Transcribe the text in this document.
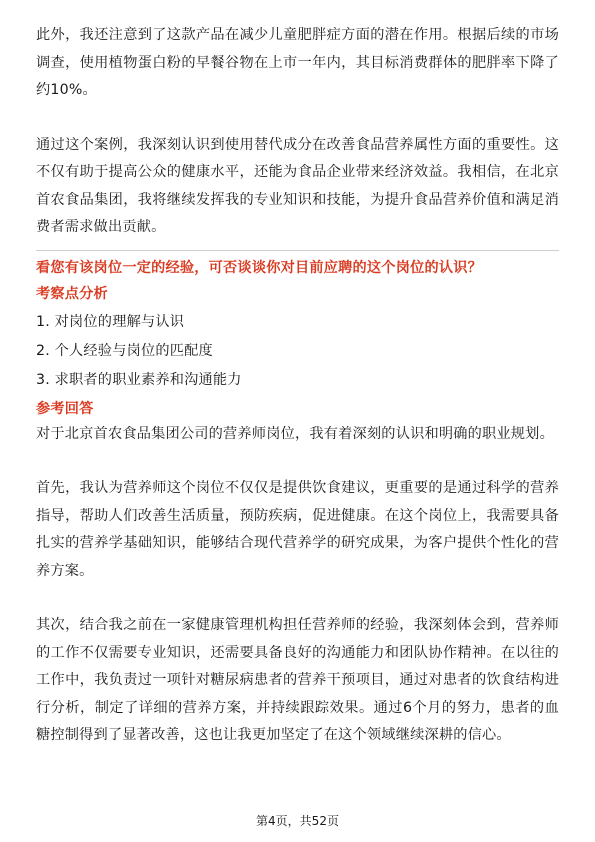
此外，我还注意到了这款产品在减少儿童肥胖症方面的潜在作用。根据后续的市场调查，使用植物蛋白粉的早餐谷物在上市一年内，其目标消费群体的肥胖率下降了约10%。

通过这个案例，我深刻认识到使用替代成分在改善食品营养属性方面的重要性。这不仅有助于提高公众的健康水平，还能为食品企业带来经济效益。我相信，在北京首农食品集团，我将继续发挥我的专业知识和技能，为提升食品营养价值和满足消费者需求做出贡献。

看您有该岗位一定的经验，可否谈谈你对目前应聘的这个岗位的认识？

考察点分析

1. 对岗位的理解与认识
2. 个人经验与岗位的匹配度
3. 求职者的职业素养和沟通能力

参考回答

对于北京首农食品集团公司的营养师岗位，我有着深刻的认识和明确的职业规划。

首先，我认为营养师这个岗位不仅仅是提供饮食建议，更重要的是通过科学的营养指导，帮助人们改善生活质量，预防疾病，促进健康。在这个岗位上，我需要具备扎实的营养学基础知识，能够结合现代营养学的研究成果，为客户提供个性化的营养方案。

其次，结合我之前在一家健康管理机构担任营养师的经验，我深刻体会到，营养师的工作不仅需要专业知识，还需要具备良好的沟通能力和团队协作精神。在以往的工作中，我负责过一项针对糖尿病患者的营养干预项目，通过对患者的饮食结构进行分析，制定了详细的营养方案，并持续跟踪效果。通过6个月的努力，患者的血糖控制得到了显著改善，这也让我更加坚定了在这个领域继续深耕的信心。

第4页，共52页
